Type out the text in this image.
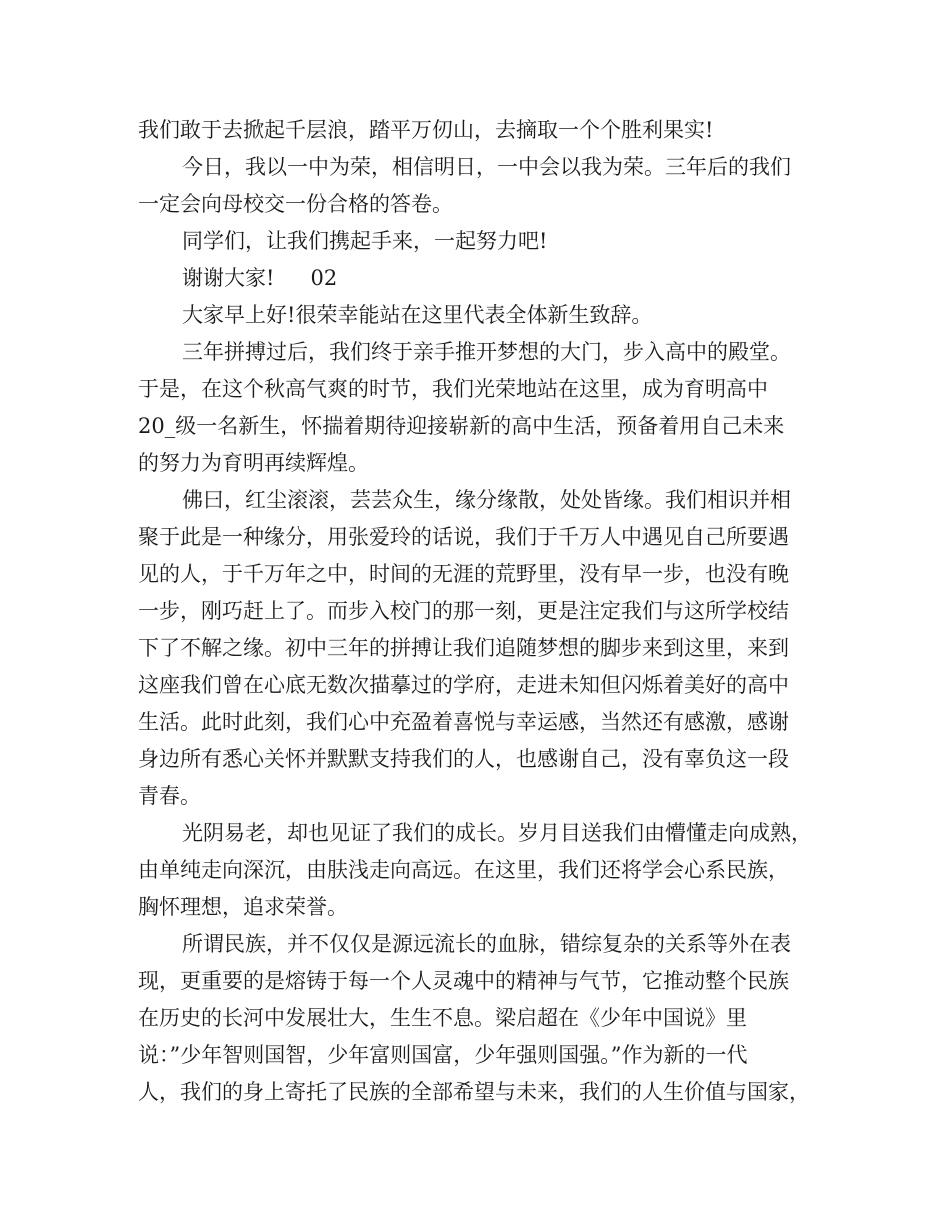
我们敢于去掀起千层浪，踏平万仞山，去摘取一个个胜利果实!
今日，我以一中为荣，相信明日，一中会以我为荣。三年后的我们
一定会向母校交一份合格的答卷。
同学们，让我们携起手来，一起努力吧!
谢谢大家! 02
大家早上好!很荣幸能站在这里代表全体新生致辞。
三年拼搏过后，我们终于亲手推开梦想的大门，步入高中的殿堂。
于是，在这个秋高气爽的时节，我们光荣地站在这里，成为育明高中
20_级一名新生，怀揣着期待迎接崭新的高中生活，预备着用自己未来
的努力为育明再续辉煌。
佛曰，红尘滚滚，芸芸众生，缘分缘散，处处皆缘。我们相识并相
聚于此是一种缘分，用张爱玲的话说，我们于千万人中遇见自己所要遇
见的人，于千万年之中，时间的无涯的荒野里，没有早一步，也没有晚
一步，刚巧赶上了。而步入校门的那一刻，更是注定我们与这所学校结
下了不解之缘。初中三年的拼搏让我们追随梦想的脚步来到这里，来到
这座我们曾在心底无数次描摹过的学府，走进未知但闪烁着美好的高中
生活。此时此刻，我们心中充盈着喜悦与幸运感，当然还有感激，感谢
身边所有悉心关怀并默默支持我们的人，也感谢自己，没有辜负这一段
青春。
光阴易老，却也见证了我们的成长。岁月目送我们由懵懂走向成熟，
由单纯走向深沉，由肤浅走向高远。在这里，我们还将学会心系民族，
胸怀理想，追求荣誉。
所谓民族，并不仅仅是源远流长的血脉，错综复杂的关系等外在表
现，更重要的是熔铸于每一个人灵魂中的精神与气节，它推动整个民族
在历史的长河中发展壮大，生生不息。梁启超在《少年中国说》里
说：”少年智则国智，少年富则国富，少年强则国强。”作为新的一代
人，我们的身上寄托了民族的全部希望与未来，我们的人生价值与国家，
